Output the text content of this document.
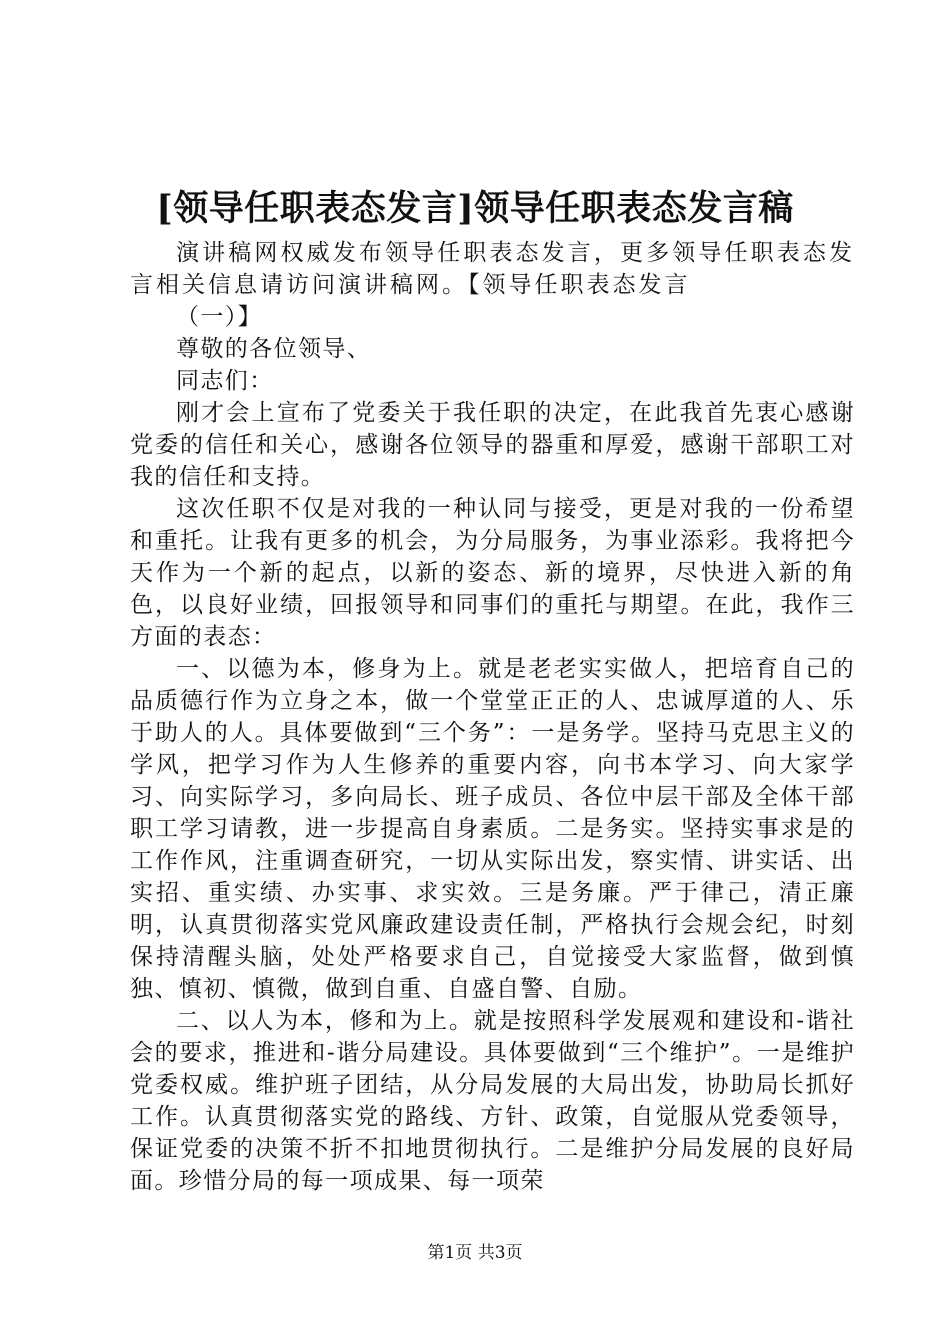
[领导任职表态发言]领导任职表态发言稿

演讲稿网权威发布领导任职表态发言，更多领导任职表态发言相关信息请访问演讲稿网。【领导任职表态发言

（一）】

尊敬的各位领导、

同志们：

刚才会上宣布了党委关于我任职的决定，在此我首先衷心感谢党委的信任和关心，感谢各位领导的器重和厚爱，感谢干部职工对我的信任和支持。

这次任职不仅是对我的一种认同与接受，更是对我的一份希望和重托。让我有更多的机会，为分局服务，为事业添彩。我将把今天作为一个新的起点，以新的姿态、新的境界，尽快进入新的角色，以良好业绩，回报领导和同事们的重托与期望。在此，我作三方面的表态：

一、以德为本，修身为上。就是老老实实做人，把培育自己的品质德行作为立身之本，做一个堂堂正正的人、忠诚厚道的人、乐于助人的人。具体要做到“三个务”：一是务学。坚持马克思主义的学风，把学习作为人生修养的重要内容，向书本学习、向大家学习、向实际学习，多向局长、班子成员、各位中层干部及全体干部职工学习请教，进一步提高自身素质。二是务实。坚持实事求是的工作作风，注重调查研究，一切从实际出发，察实情、讲实话、出实招、重实绩、办实事、求实效。三是务廉。严于律己，清正廉明，认真贯彻落实党风廉政建设责任制，严格执行会规会纪，时刻保持清醒头脑，处处严格要求自己，自觉接受大家监督，做到慎独、慎初、慎微，做到自重、自盛自警、自励。

二、以人为本，修和为上。就是按照科学发展观和建设和-谐社会的要求，推进和-谐分局建设。具体要做到“三个维护”。一是维护党委权威。维护班子团结，从分局发展的大局出发，协助局长抓好工作。认真贯彻落实党的路线、方针、政策，自觉服从党委领导，保证党委的决策不折不扣地贯彻执行。二是维护分局发展的良好局面。珍惜分局的每一项成果、每一项荣

第1页 共3页
